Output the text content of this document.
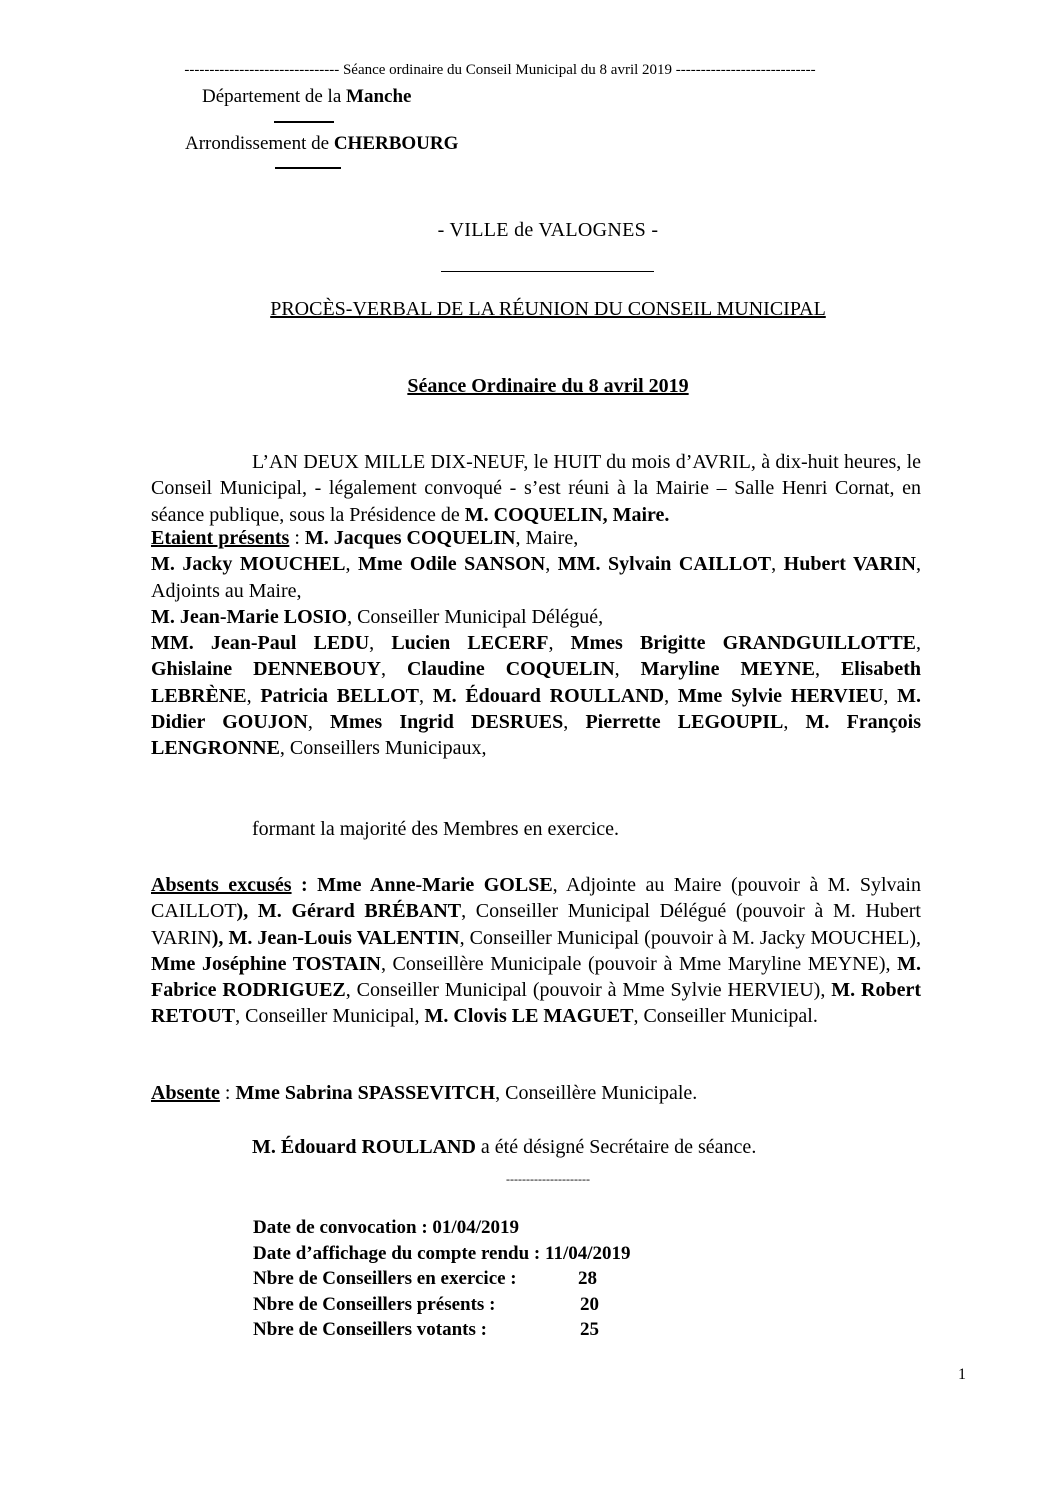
------------------------------- Séance ordinaire du Conseil Municipal du 8 avril 2019 ----------------------------
Département de la Manche
Arrondissement de CHERBOURG
- VILLE de VALOGNES -
PROCÈS-VERBAL DE LA RÉUNION DU CONSEIL MUNICIPAL
Séance Ordinaire du 8 avril 2019
L’AN DEUX MILLE DIX-NEUF, le HUIT du mois d’AVRIL, à dix-huit heures, le Conseil Municipal, - légalement convoqué - s’est réuni à la Mairie – Salle Henri Cornat, en séance publique, sous la Présidence de M. COQUELIN, Maire.
Etaient présents : M. Jacques COQUELIN, Maire,
M. Jacky MOUCHEL, Mme Odile SANSON, MM. Sylvain CAILLOT, Hubert VARIN, Adjoints au Maire,
M. Jean-Marie LOSIO, Conseiller Municipal Délégué,
MM. Jean-Paul LEDU, Lucien LECERF, Mmes Brigitte GRANDGUILLOTTE, Ghislaine DENNEBOUY, Claudine COQUELIN, Maryline MEYNE, Elisabeth LEBRÈNE, Patricia BELLOT, M. Édouard ROULLAND, Mme Sylvie HERVIEU, M. Didier GOUJON, Mmes Ingrid DESRUES, Pierrette LEGOUPIL, M. François LENGRONNE, Conseillers Municipaux,
formant la majorité des Membres en exercice.
Absents excusés : Mme Anne-Marie GOLSE, Adjointe au Maire (pouvoir à M. Sylvain CAILLOT), M. Gérard BRÉBANT, Conseiller Municipal Délégué (pouvoir à M. Hubert VARIN), M. Jean-Louis VALENTIN, Conseiller Municipal (pouvoir à M. Jacky MOUCHEL), Mme Joséphine TOSTAIN, Conseillère Municipale (pouvoir à Mme Maryline MEYNE), M. Fabrice RODRIGUEZ, Conseiller Municipal (pouvoir à Mme Sylvie HERVIEU), M. Robert RETOUT, Conseiller Municipal, M. Clovis LE MAGUET, Conseiller Municipal.
Absente : Mme Sabrina SPASSEVITCH, Conseillère Municipale.
M. Édouard ROULLAND a été désigné Secrétaire de séance.
---------------------
Date de convocation : 01/04/2019
Date d’affichage du compte rendu : 11/04/2019
Nbre de Conseillers en exercice :	28
Nbre de Conseillers présents :	20
Nbre de Conseillers votants :	25
1
